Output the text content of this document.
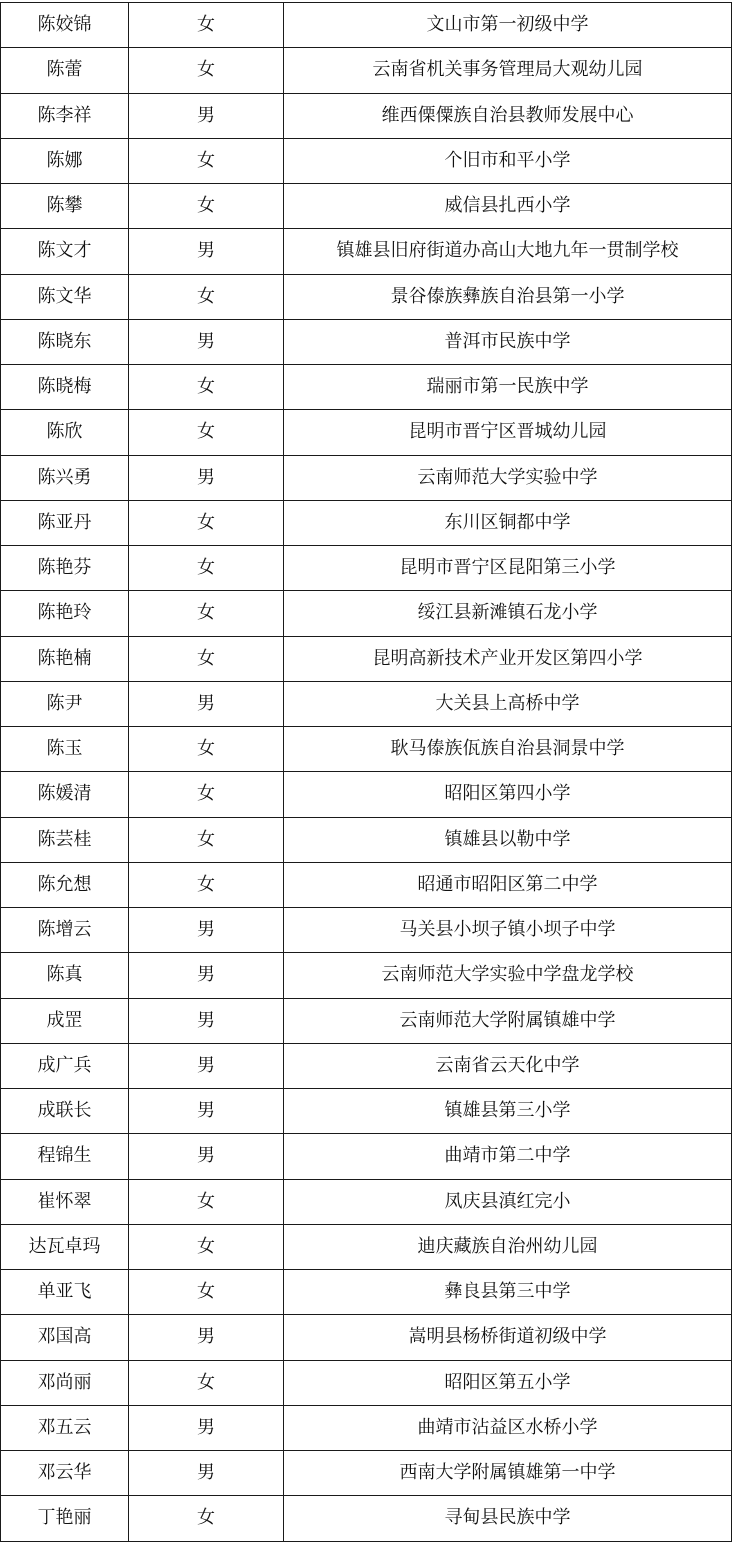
陈姣锦	女	文山市第一初级中学
陈蕾	女	云南省机关事务管理局大观幼儿园
陈李祥	男	维西傈僳族自治县教师发展中心
陈娜	女	个旧市和平小学
陈攀	女	威信县扎西小学
陈文才	男	镇雄县旧府街道办高山大地九年一贯制学校
陈文华	女	景谷傣族彝族自治县第一小学
陈晓东	男	普洱市民族中学
陈晓梅	女	瑞丽市第一民族中学
陈欣	女	昆明市晋宁区晋城幼儿园
陈兴勇	男	云南师范大学实验中学
陈亚丹	女	东川区铜都中学
陈艳芬	女	昆明市晋宁区昆阳第三小学
陈艳玲	女	绥江县新滩镇石龙小学
陈艳楠	女	昆明高新技术产业开发区第四小学
陈尹	男	大关县上高桥中学
陈玉	女	耿马傣族佤族自治县洞景中学
陈媛清	女	昭阳区第四小学
陈芸桂	女	镇雄县以勒中学
陈允想	女	昭通市昭阳区第二中学
陈增云	男	马关县小坝子镇小坝子中学
陈真	男	云南师范大学实验中学盘龙学校
成罡	男	云南师范大学附属镇雄中学
成广兵	男	云南省云天化中学
成联长	男	镇雄县第三小学
程锦生	男	曲靖市第二中学
崔怀翠	女	凤庆县滇红完小
达瓦卓玛	女	迪庆藏族自治州幼儿园
单亚飞	女	彝良县第三中学
邓国高	男	嵩明县杨桥街道初级中学
邓尚丽	女	昭阳区第五小学
邓五云	男	曲靖市沾益区水桥小学
邓云华	男	西南大学附属镇雄第一中学
丁艳丽	女	寻甸县民族中学
